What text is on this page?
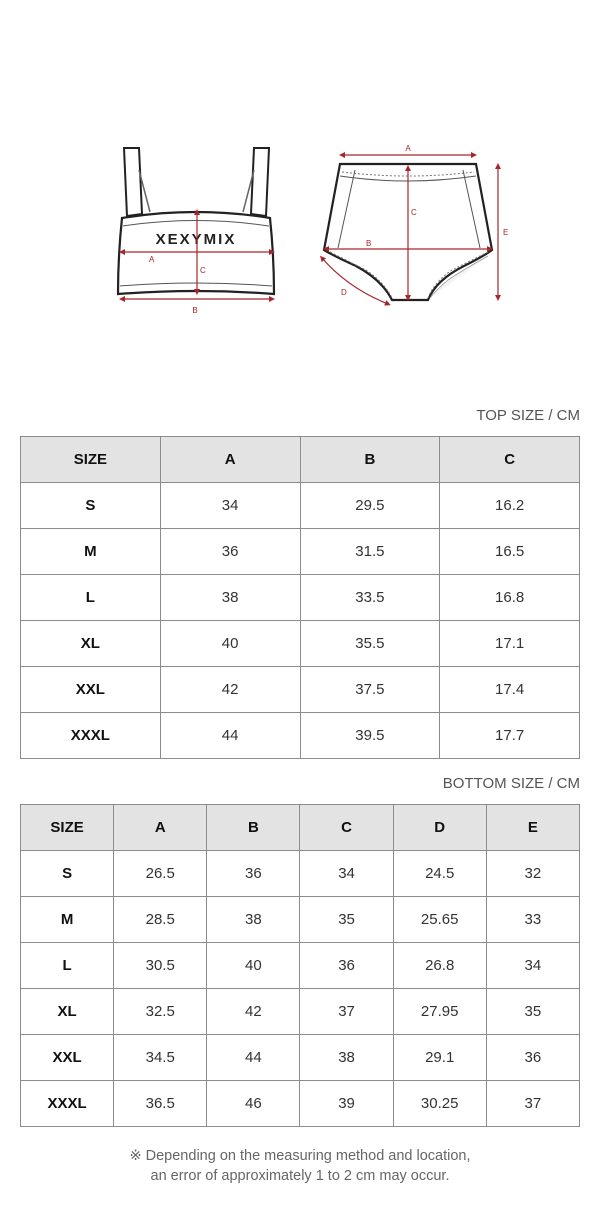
XEXYMIX
A
C
B
A
C
B
E
D
TOP SIZE / CM
SIZE	A	B	C
S	34	29.5	16.2
M	36	31.5	16.5
L	38	33.5	16.8
XL	40	35.5	17.1
XXL	42	37.5	17.4
XXXL	44	39.5	17.7
BOTTOM SIZE / CM
SIZE	A	B	C	D	E
S	26.5	36	34	24.5	32
M	28.5	38	35	25.65	33
L	30.5	40	36	26.8	34
XL	32.5	42	37	27.95	35
XXL	34.5	44	38	29.1	36
XXXL	36.5	46	39	30.25	37
※ Depending on the measuring method and location,
an error of approximately 1 to 2 cm may occur.
